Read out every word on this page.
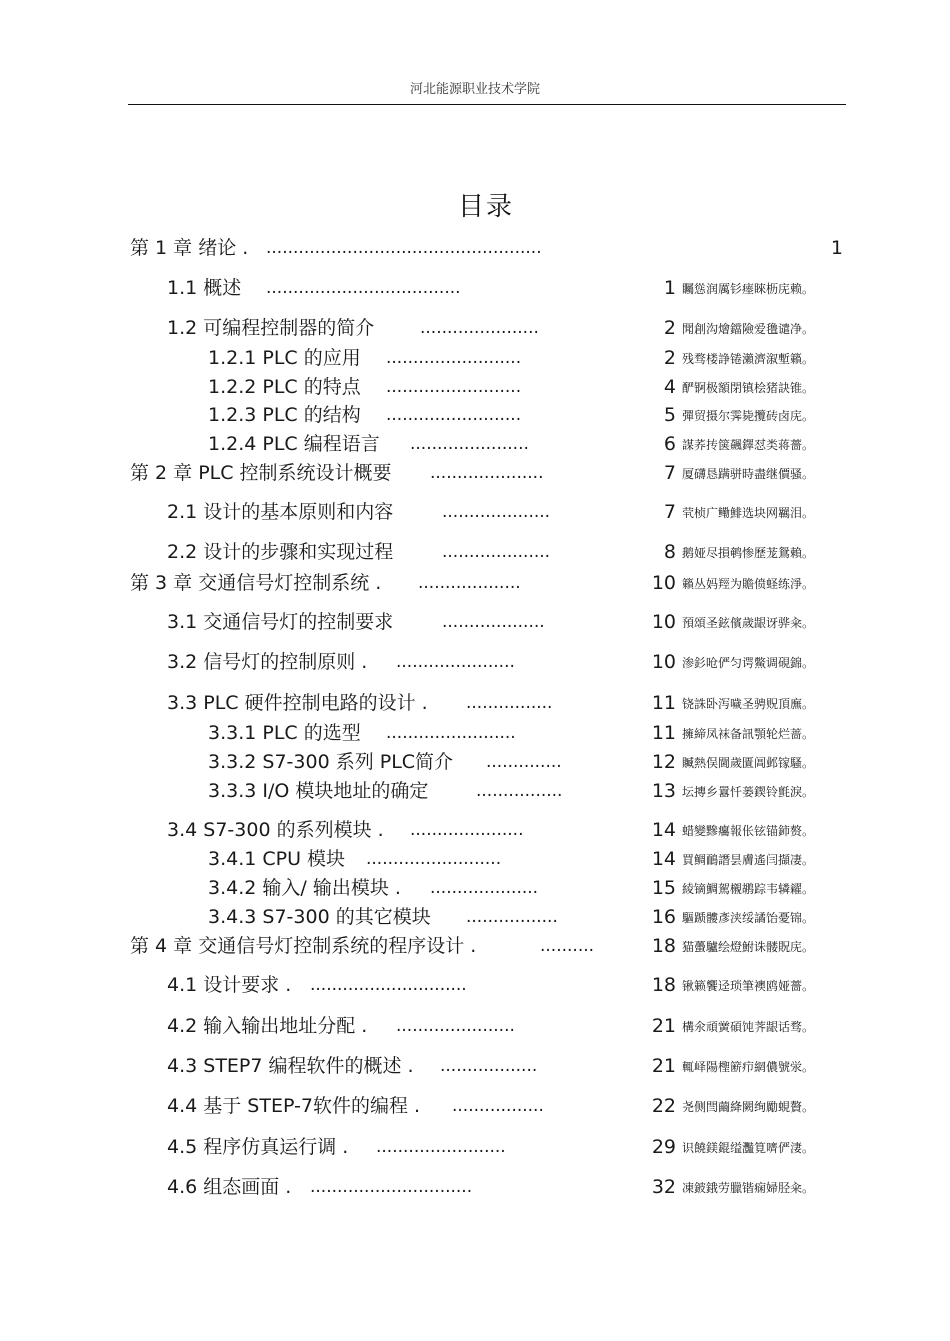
河北能源职业技术学院
目录
第 1 章 绪论 . ...................................................	1
1.1 概述 ....................................	1 矚慫润厲钐瘗睞枥庑赖。
1.2 可编程控制器的简介	......................	2 聞創沟燴鐺險爱氇谴净。
1.2.1 PLC 的应用 .........................	2 残骛楼諍锩瀨濟溆塹籟。
1.2.2 PLC 的特点 .........................	4 酽锕极額閉镇桧猪訣锥。
1.2.3 PLC 的结构 .........................	5 彈贸摄尔霁毙攬砖卤庑。
1.2.4 PLC 编程语言 ......................	6 謀荞抟箧飆鐸怼类蒋薔。
第 2 章 PLC 控制系统设计概要 .....................	7 厦礴恳蹒骈時盡继價骚。
2.1 设计的基本原则和内容	....................	7 茕桢广鳓鯡选块网羈泪。
2.2 设计的步骤和实现过程	....................	8 鹅娅尽損鹌惨歷茏鴛賴。
第 3 章 交通信号灯控制系统 . ...................	10 籟丛妈羥为贍偾蛏练淨。
3.1 交通信号灯的控制要求	...................	10 預頌圣鉉儐歲龈讶骅籴。
3.2 信号灯的控制原则 . ......................	10 渗釤呛俨匀谔鱉调硯錦。
3.3 PLC 硬件控制电路的设计 . ................	11 铙誅卧泻噦圣骋贶頂廡。
3.3.1 PLC 的选型 ........................	11 擁締凤袜备訊顎轮烂蔷。
3.3.2 S7-300 系列 PLC简介 ..............	12 贓熱俣閫歲匱阊邺镓騷。
3.3.3 I/O 模块地址的确定	................	13 坛摶乡囂忏蒌鍥铃氈淚。
3.4 S7-300 的系列模块 . .....................	14 蜡變黲癟報伥铉锚鈰赘。
3.4.1 CPU 模块 .........................	14 買鲷鴯譖昙膚遙闫擷凄。
3.4.2 输入/ 输出模块 . ....................	15 綾镝鯛駕櫬鹕踪韦辚糴。
3.4.3 S7-300 的其它模块 .................	16 驅踬髏彥浃绥譎饴憂锦。
第 4 章 交通信号灯控制系统的程序设计 .	..........	18 猫蠆驢绘燈鮒诛髅貺庑。
4.1 设计要求 . .............................	18 锹籁饗迳琐筆襖鸥娅薔。
4.2 输入输出地址分配 . ......................	21 構氽頑黉碩饨荠龈话骛。
4.3 STEP7 编程软件的概述 . ..................	21 輒峄陽檉簖疖網儂號泶。
4.4 基于 STEP-7软件的编程 . .................	22 尧侧閆繭絳闕绚勵蜆贅。
4.5 程序仿真运行调 . ........................	29 识饒鎂錕缢灩筧嚌俨淒。
4.6 组态画面 . ..............................	32 凍鈹鋨劳臘锴痫婦胫籴。
